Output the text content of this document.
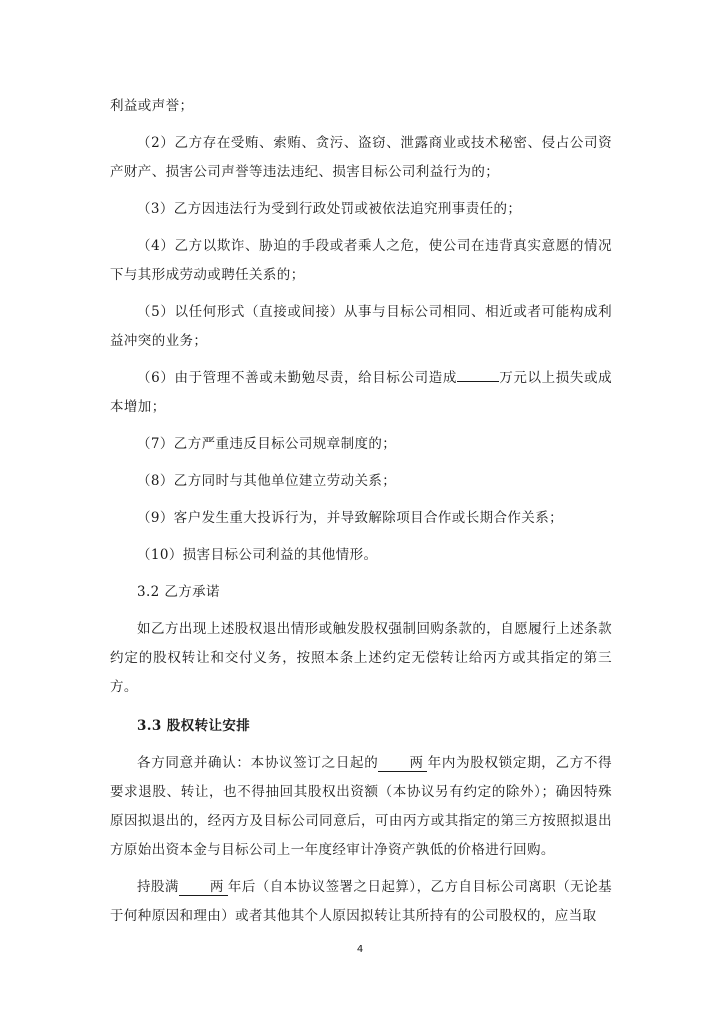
利益或声誉；

（2）乙方存在受贿、索贿、贪污、盗窃、泄露商业或技术秘密、侵占公司资产财产、损害公司声誉等违法违纪、损害目标公司利益行为的；

（3）乙方因违法行为受到行政处罚或被依法追究刑事责任的；

（4）乙方以欺诈、胁迫的手段或者乘人之危，使公司在违背真实意愿的情况下与其形成劳动或聘任关系的；

（5）以任何形式（直接或间接）从事与目标公司相同、相近或者可能构成利益冲突的业务；

（6）由于管理不善或未勤勉尽责，给目标公司造成	万元以上损失或成本增加；

（7）乙方严重违反目标公司规章制度的；

（8）乙方同时与其他单位建立劳动关系；

（9）客户发生重大投诉行为，并导致解除项目合作或长期合作关系；

（10）损害目标公司利益的其他情形。

3.2 乙方承诺

如乙方出现上述股权退出情形或触发股权强制回购条款的，自愿履行上述条款约定的股权转让和交付义务，按照本条上述约定无偿转让给丙方或其指定的第三方。

3.3 股权转让安排

各方同意并确认：本协议签订之日起的 两 年内为股权锁定期，乙方不得要求退股、转让，也不得抽回其股权出资额（本协议另有约定的除外）；确因特殊原因拟退出的，经丙方及目标公司同意后，可由丙方或其指定的第三方按照拟退出方原始出资本金与目标公司上一年度经审计净资产孰低的价格进行回购。

持股满 两 年后（自本协议签署之日起算），乙方自目标公司离职（无论基于何种原因和理由）或者其他其个人原因拟转让其所持有的公司股权的，应当取

4
